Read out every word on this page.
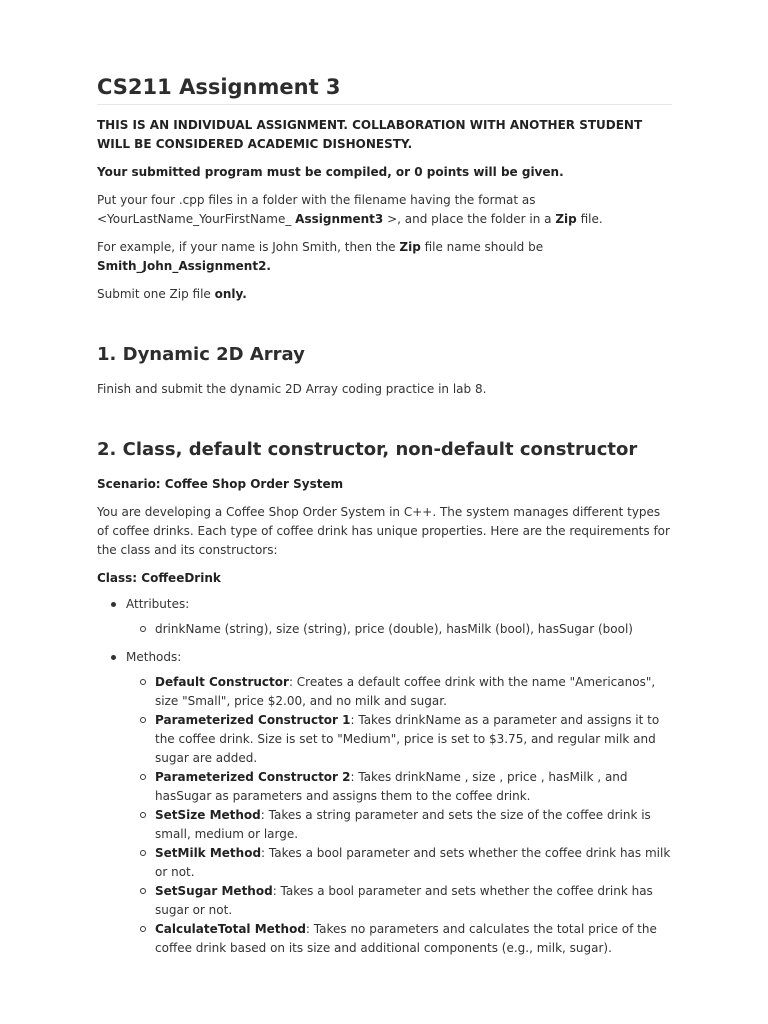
CS211 Assignment 3

THIS IS AN INDIVIDUAL ASSIGNMENT. COLLABORATION WITH ANOTHER STUDENT WILL BE CONSIDERED ACADEMIC DISHONESTY.

Your submitted program must be compiled, or 0 points will be given.

Put your four .cpp files in a folder with the filename having the format as <YourLastName_YourFirstName_ Assignment3 >, and place the folder in a Zip file.

For example, if your name is John Smith, then the Zip file name should be Smith_John_Assignment2.

Submit one Zip file only.

1. Dynamic 2D Array

Finish and submit the dynamic 2D Array coding practice in lab 8.

2. Class, default constructor, non-default constructor

Scenario: Coffee Shop Order System

You are developing a Coffee Shop Order System in C++. The system manages different types of coffee drinks. Each type of coffee drink has unique properties. Here are the requirements for the class and its constructors:

Class: CoffeeDrink

Attributes:
drinkName (string), size (string), price (double), hasMilk (bool), hasSugar (bool)
Methods:
Default Constructor: Creates a default coffee drink with the name "Americanos", size "Small", price $2.00, and no milk and sugar.
Parameterized Constructor 1: Takes drinkName as a parameter and assigns it to the coffee drink. Size is set to "Medium", price is set to $3.75, and regular milk and sugar are added.
Parameterized Constructor 2: Takes drinkName , size , price , hasMilk , and hasSugar as parameters and assigns them to the coffee drink.
SetSize Method: Takes a string parameter and sets the size of the coffee drink is small, medium or large.
SetMilk Method: Takes a bool parameter and sets whether the coffee drink has milk or not.
SetSugar Method: Takes a bool parameter and sets whether the coffee drink has sugar or not.
CalculateTotal Method: Takes no parameters and calculates the total price of the coffee drink based on its size and additional components (e.g., milk, sugar).
